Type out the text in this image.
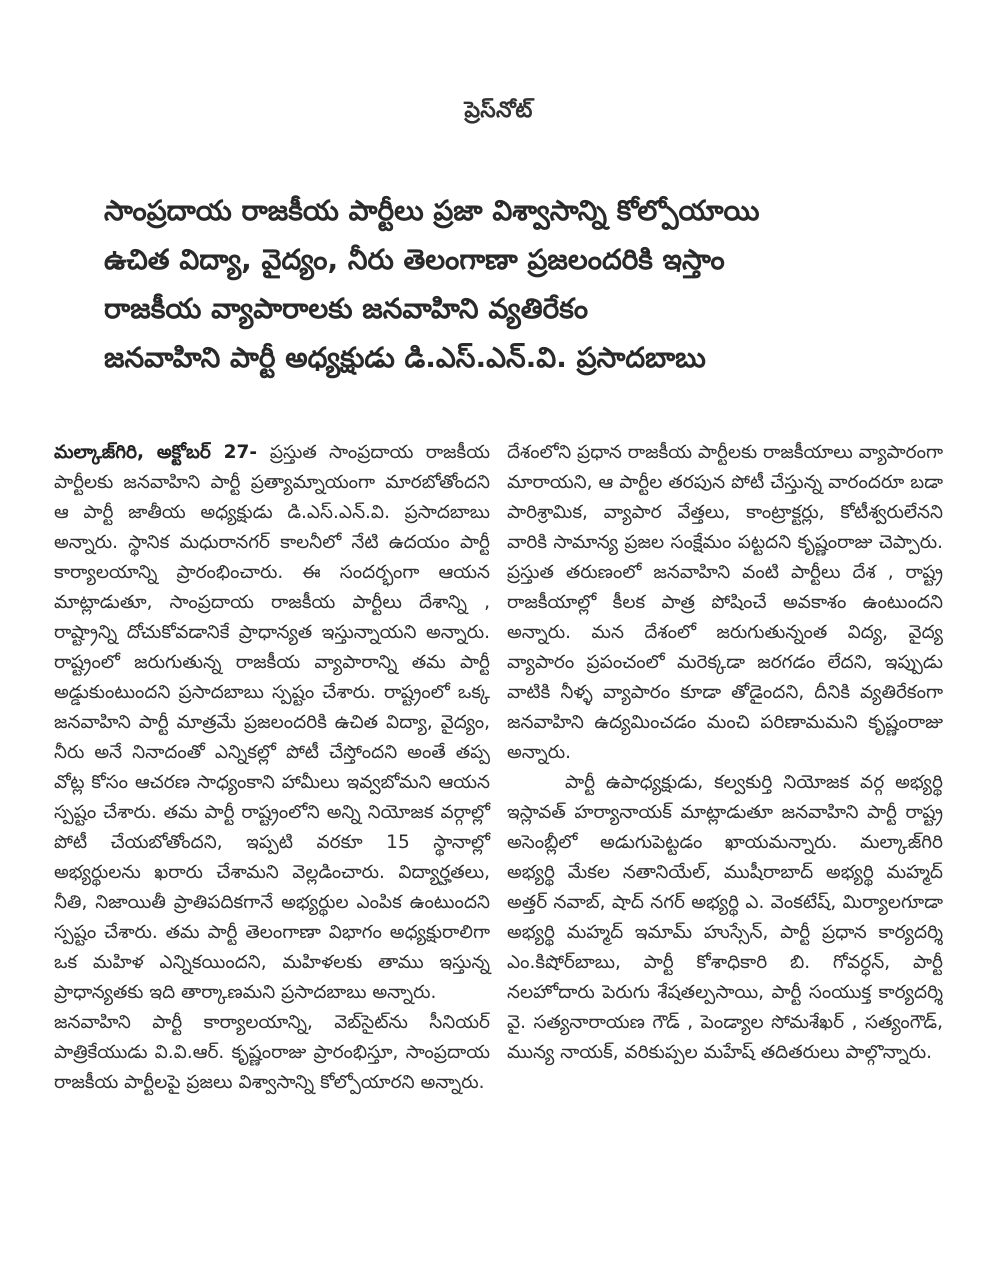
ప్రెస్‌నోట్
సాంప్రదాయ రాజకీయ పార్టీలు ప్రజా విశ్వాసాన్ని కోల్పోయాయి
ఉచిత విద్యా, వైద్యం, నీరు తెలంగాణా ప్రజలందరికి ఇస్తాం
రాజకీయ వ్యాపారాలకు జనవాహిని వ్యతిరేకం
జనవాహిని పార్టీ అధ్యక్షుడు డి.ఎస్.ఎన్.వి. ప్రసాదబాబు

మల్కాజ్‌గిరి, అక్టోబర్ 27- ప్రస్తుత సాంప్రదాయ రాజకీయ పార్టీలకు జనవాహిని పార్టీ ప్రత్యామ్నాయంగా మారబోతోందని ఆ పార్టీ జాతీయ అధ్యక్షుడు డి.ఎస్.ఎన్.వి. ప్రసాదబాబు అన్నారు. స్థానిక మధురానగర్ కాలనీలో నేటి ఉదయం పార్టీ కార్యాలయాన్ని ప్రారంభించారు. ఈ సందర్భంగా ఆయన మాట్లాడుతూ, సాంప్రదాయ రాజకీయ పార్టీలు దేశాన్ని , రాష్ట్రాన్ని దోచుకోవడానికే ప్రాధాన్యత ఇస్తున్నాయని అన్నారు. రాష్ట్రంలో జరుగుతున్న రాజకీయ వ్యాపారాన్ని తమ పార్టీ అడ్డుకుంటుందని ప్రసాదబాబు స్పష్టం చేశారు. రాష్ట్రంలో ఒక్క జనవాహిని పార్టీ మాత్రమే ప్రజలందరికి ఉచిత విద్యా, వైద్యం, నీరు అనే నినాదంతో ఎన్నికల్లో పోటీ చేస్తోందని అంతే తప్ప వోట్ల కోసం ఆచరణ సాధ్యంకాని హామీలు ఇవ్వబోమని ఆయన స్పష్టం చేశారు. తమ పార్టీ రాష్ట్రంలోని అన్ని నియోజక వర్గాల్లో పోటీ చేయబోతోందని, ఇప్పటి వరకూ 15 స్థానాల్లో అభ్యర్థులను ఖరారు చేశామని వెల్లడించారు. విద్యార్హతలు, నీతి, నిజాయితీ ప్రాతిపదికగానే అభ్యర్థుల ఎంపిక ఉంటుందని స్పష్టం చేశారు. తమ పార్టీ తెలంగాణా విభాగం అధ్యక్షురాలిగా ఒక మహిళ ఎన్నికయిందని, మహిళలకు తాము ఇస్తున్న ప్రాధాన్యతకు ఇది తార్కాణమని ప్రసాదబాబు అన్నారు.

జనవాహిని పార్టీ కార్యాలయాన్ని, వెబ్‌సైట్‌ను సీనియర్ పాత్రికేయుడు వి.వి.ఆర్. కృష్ణంరాజు ప్రారంభిస్తూ, సాంప్రదాయ రాజకీయ పార్టీలపై ప్రజలు విశ్వాసాన్ని కోల్పోయారని అన్నారు.

దేశంలోని ప్రధాన రాజకీయ పార్టీలకు రాజకీయాలు వ్యాపారంగా మారాయని, ఆ పార్టీల తరపున పోటీ చేస్తున్న వారందరూ బడా పారిశ్రామిక, వ్యాపార వేత్తలు, కాంట్రాక్టర్లు, కోటీశ్వరులేనని వారికి సామాన్య ప్రజల సంక్షేమం పట్టదని కృష్ణంరాజు చెప్పారు. ప్రస్తుత తరుణంలో జనవాహిని వంటి పార్టీలు దేశ , రాష్ట్ర రాజకీయాల్లో కీలక పాత్ర పోషించే అవకాశం ఉంటుందని అన్నారు. మన దేశంలో జరుగుతున్నంత విద్య, వైద్య వ్యాపారం ప్రపంచంలో మరెక్కడా జరగడం లేదని, ఇప్పుడు వాటికి నీళ్ళ వ్యాపారం కూడా తోడైందని, దీనికి వ్యతిరేకంగా జనవాహిని ఉద్యమించడం మంచి పరిణామమని కృష్ణంరాజు అన్నారు.

పార్టీ ఉపాధ్యక్షుడు, కల్వకుర్తి నియోజక వర్గ అభ్యర్థి ఇస్లావత్ హర్యానాయక్ మాట్లాడుతూ జనవాహిని పార్టీ రాష్ట్ర అసెంబ్లీలో అడుగుపెట్టడం ఖాయమన్నారు. మల్కాజ్‌గిరి అభ్యర్థి మేకల నతానియేల్, ముషీరాబాద్ అభ్యర్థి మహ్మద్ అత్తర్ నవాబ్, షాద్ నగర్ అభ్యర్థి ఎ. వెంకటేష్, మిర్యాలగూడా అభ్యర్థి మహ్మద్ ఇమామ్ హుస్సేన్, పార్టీ ప్రధాన కార్యదర్శి ఎం.కిషోర్‌బాబు, పార్టీ కోశాధికారి బి. గోవర్ధన్, పార్టీ నలహోదారు పెరుగు శేషతల్పసాయి, పార్టీ సంయుక్త కార్యదర్శి వై. సత్యనారాయణ గౌడ్ , పెండ్యాల సోమశేఖర్ , సత్యంగౌడ్, మున్య నాయక్, వరికుప్పల మహేష్ తదితరులు పాల్గొన్నారు.
